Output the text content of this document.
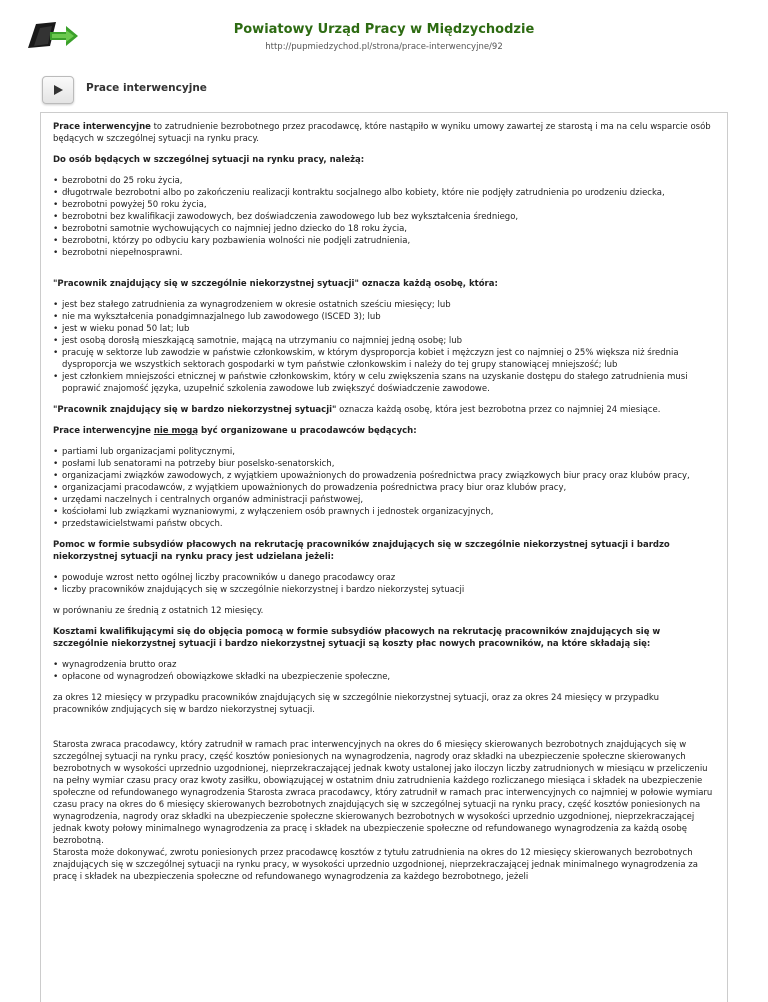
Powiatowy Urząd Pracy w Międzychodzie
http://pupmiedzychod.pl/strona/prace-interwencyjne/92
Prace interwencyjne

Prace interwencyjne to zatrudnienie bezrobotnego przez pracodawcę, które nastąpiło w wyniku umowy zawartej ze starostą i ma na celu wsparcie osób będących w szczególnej sytuacji na rynku pracy.

Do osób będących w szczególnej sytuacji na rynku pracy, należą:
• bezrobotni do 25 roku życia,
• długotrwale bezrobotni albo po zakończeniu realizacji kontraktu socjalnego albo kobiety, które nie podjęły zatrudnienia po urodzeniu dziecka,
• bezrobotni powyżej 50 roku życia,
• bezrobotni bez kwalifikacji zawodowych, bez doświadczenia zawodowego lub bez wykształcenia średniego,
• bezrobotni samotnie wychowujących co najmniej jedno dziecko do 18 roku życia,
• bezrobotni, którzy po odbyciu kary pozbawienia wolności nie podjęli zatrudnienia,
• bezrobotni niepełnosprawni.
"Pracownik znajdujący się w szczególnie niekorzystnej sytuacji" oznacza każdą osobę, która:
• jest bez stałego zatrudnienia za wynagrodzeniem w okresie ostatnich sześciu miesięcy; lub
• nie ma wykształcenia ponadgimnazjalnego lub zawodowego (ISCED 3); lub
• jest w wieku ponad 50 lat; lub
• jest osobą dorosłą mieszkającą samotnie, mającą na utrzymaniu co najmniej jedną osobę; lub
• pracuję w sektorze lub zawodzie w państwie członkowskim, w którym dysproporcja kobiet i mężczyzn jest co najmniej o 25% większa niż średnia dysproporcja we wszystkich sektorach gospodarki w tym państwie członkowskim i należy do tej grupy stanowiącej mniejszość; lub
• jest członkiem mniejszości etnicznej w państwie członkowskim, który w celu zwiększenia szans na uzyskanie dostępu do stałego zatrudnienia musi poprawić znajomość języka, uzupełnić szkolenia zawodowe lub zwiększyć doświadczenie zawodowe.

"Pracownik znajdujący się w bardzo niekorzystnej sytuacji" oznacza każdą osobę, która jest bezrobotna przez co najmniej 24 miesiące.

Prace interwencyjne nie mogą być organizowane u pracodawców będących:
• partiami lub organizacjami politycznymi,
• posłami lub senatorami na potrzeby biur poselsko-senatorskich,
• organizacjami związków zawodowych, z wyjątkiem upoważnionych do prowadzenia pośrednictwa pracy związkowych biur pracy oraz klubów pracy,
• organizacjami pracodawców, z wyjątkiem upoważnionych do prowadzenia pośrednictwa pracy biur oraz klubów pracy,
• urzędami naczelnych i centralnych organów administracji państwowej,
• kościołami lub związkami wyznaniowymi, z wyłączeniem osób prawnych i jednostek organizacyjnych,
• przedstawicielstwami państw obcych.
Pomoc w formie subsydiów płacowych na rekrutację pracowników znajdujących się w szczególnie niekorzystnej sytuacji i bardzo niekorzystnej sytuacji na rynku pracy jest udzielana jeżeli:
• powoduje wzrost netto ogólnej liczby pracowników u danego pracodawcy oraz
• liczby pracowników znajdujących się w szczególnie niekorzystnej i bardzo niekorzystej sytuacji

w porównaniu ze średnią z ostatnich 12 miesięcy.

Kosztami kwalifikującymi się do objęcia pomocą w formie subsydiów płacowych na rekrutację pracowników znajdujących się w szczególnie niekorzystnej sytuacji i bardzo niekorzystnej sytuacji są koszty płac nowych pracowników, na które składają się:
• wynagrodzenia brutto oraz
• opłacone od wynagrodzeń obowiązkowe składki na ubezpieczenie społeczne,

za okres 12 miesięcy w przypadku pracowników znajdujących się w szczególnie niekorzystnej sytuacji, oraz za okres 24 miesięcy w przypadku pracowników zndjujących się w bardzo niekorzystnej sytuacji.

Starosta zwraca pracodawcy, który zatrudnił w ramach prac interwencyjnych na okres do 6 miesięcy skierowanych bezrobotnych znajdujących się w szczególnej sytuacji na rynku pracy, część kosztów poniesionych na wynagrodzenia, nagrody oraz składki na ubezpieczenie społeczne skierowanych bezrobotnych w wysokości uprzednio uzgodnionej, nieprzekraczającej jednak kwoty ustalonej jako iloczyn liczby zatrudnionych w miesiącu w przeliczeniu na pełny wymiar czasu pracy oraz kwoty zasiłku, obowiązującej w ostatnim dniu zatrudnienia każdego rozliczanego miesiąca i składek na ubezpieczenie społeczne od refundowanego wynagrodzenia Starosta zwraca pracodawcy, który zatrudnił w ramach prac interwencyjnych co najmniej w połowie wymiaru czasu pracy na okres do 6 miesięcy skierowanych bezrobotnych znajdujących się w szczególnej sytuacji na rynku pracy, część kosztów poniesionych na wynagrodzenia, nagrody oraz składki na ubezpieczenie społeczne skierowanych bezrobotnych w wysokości uprzednio uzgodnionej, nieprzekraczającej jednak kwoty połowy minimalnego wynagrodzenia za pracę i składek na ubezpieczenie społeczne od refundowanego wynagrodzenia za każdą osobę bezrobotną.
Starosta może dokonywać, zwrotu poniesionych przez pracodawcę kosztów z tytułu zatrudnienia na okres do 12 miesięcy skierowanych bezrobotnych znajdujących się w szczególnej sytuacji na rynku pracy, w wysokości uprzednio uzgodnionej, nieprzekraczającej jednak minimalnego wynagrodzenia za pracę i składek na ubezpieczenia społeczne od refundowanego wynagrodzenia za każdego bezrobotnego, jeżeli
